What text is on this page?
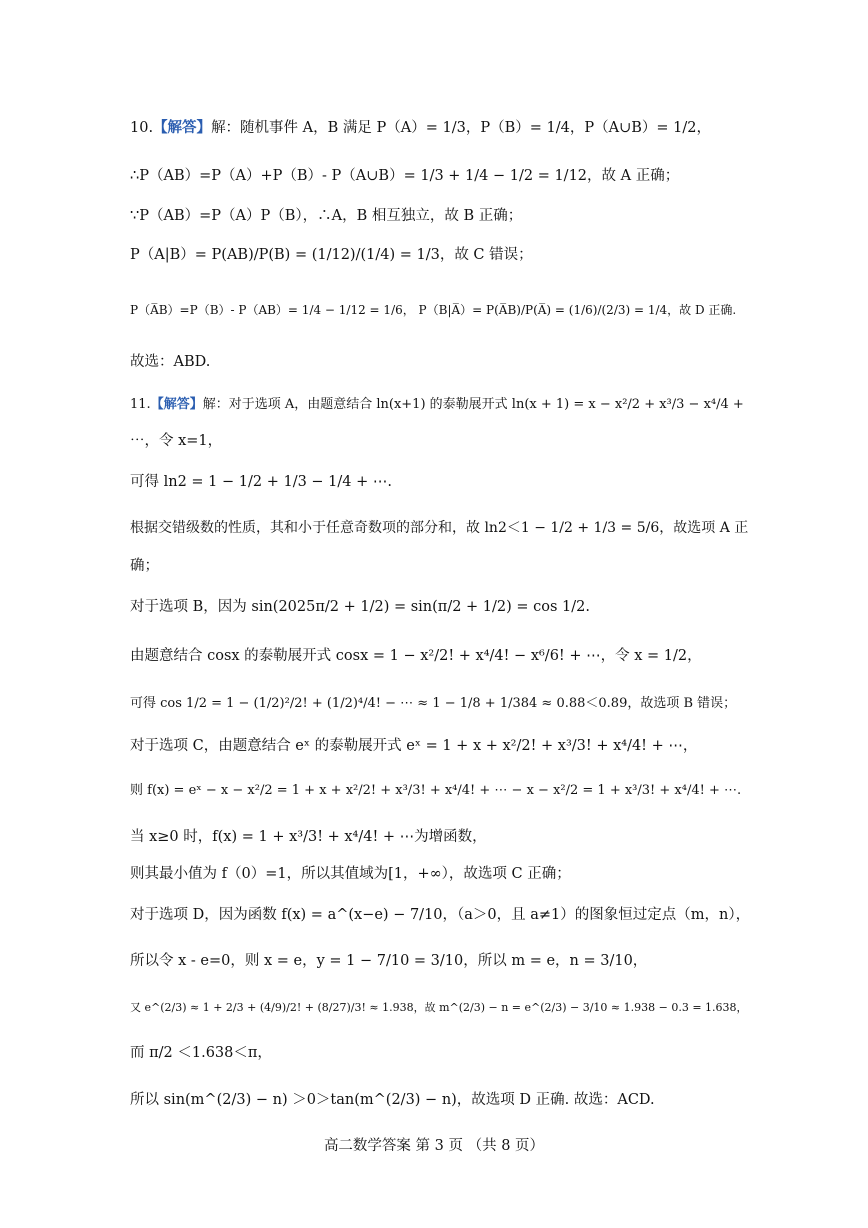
10.【解答】解：随机事件 A，B 满足 P（A）= 1/3，P（B）= 1/4，P（A∪B）= 1/2，
∴P（AB）=P（A）+P（B）- P（A∪B）= 1/3 + 1/4 − 1/2 = 1/12，故 A 正确；
∵P（AB）=P（A）P（B），∴A，B 相互独立，故 B 正确；
P（A|B）= P(AB)/P(B) = (1/12)/(1/4) = 1/3，故 C 错误；
P（A̅B）=P（B）- P（AB）= 1/4 − 1/12 = 1/6， P（B|A̅）= P(A̅B)/P(A̅) = (1/6)/(2/3) = 1/4，故 D 正确.
故选：ABD.
11.【解答】解：对于选项 A，由题意结合 ln(x+1) 的泰勒展开式 ln(x + 1) = x − x²/2 + x³/3 − x⁴/4 +
⋯，令 x=1，
可得 ln2 = 1 − 1/2 + 1/3 − 1/4 + ⋯.
根据交错级数的性质，其和小于任意奇数项的部分和，故 ln2＜1 − 1/2 + 1/3 = 5/6，故选项 A 正
确；
对于选项 B，因为 sin(2025π/2 + 1/2) = sin(π/2 + 1/2) = cos 1/2.
由题意结合 cosx 的泰勒展开式 cosx = 1 − x²/2! + x⁴/4! − x⁶/6! + ⋯，令 x = 1/2，
可得 cos 1/2 = 1 − (1/2)²/2! + (1/2)⁴/4! − ⋯ ≈ 1 − 1/8 + 1/384 ≈ 0.88＜0.89，故选项 B 错误；
对于选项 C，由题意结合 eˣ 的泰勒展开式 eˣ = 1 + x + x²/2! + x³/3! + x⁴/4! + ⋯，
则 f(x) = eˣ − x − x²/2 = 1 + x + x²/2! + x³/3! + x⁴/4! + ⋯ − x − x²/2 = 1 + x³/3! + x⁴/4! + ⋯.
当 x≥0 时，f(x) = 1 + x³/3! + x⁴/4! + ⋯为增函数，
则其最小值为 f（0）=1，所以其值域为[1，+∞），故选项 C 正确；
对于选项 D，因为函数 f(x) = a^(x−e) − 7/10，（a＞0，且 a≠1）的图象恒过定点（m，n），
所以令 x - e=0，则 x = e，y = 1 − 7/10 = 3/10，所以 m = e，n = 3/10，
又 e^(2/3) ≈ 1 + 2/3 + (4/9)/2! + (8/27)/3! ≈ 1.938，故 m^(2/3) − n = e^(2/3) − 3/10 ≈ 1.938 − 0.3 = 1.638，
而 π/2 ＜1.638＜π，
所以 sin(m^(2/3) − n) ＞0＞tan(m^(2/3) − n)，故选项 D 正确. 故选：ACD.
高二数学答案 第 3 页 （共 8 页）
